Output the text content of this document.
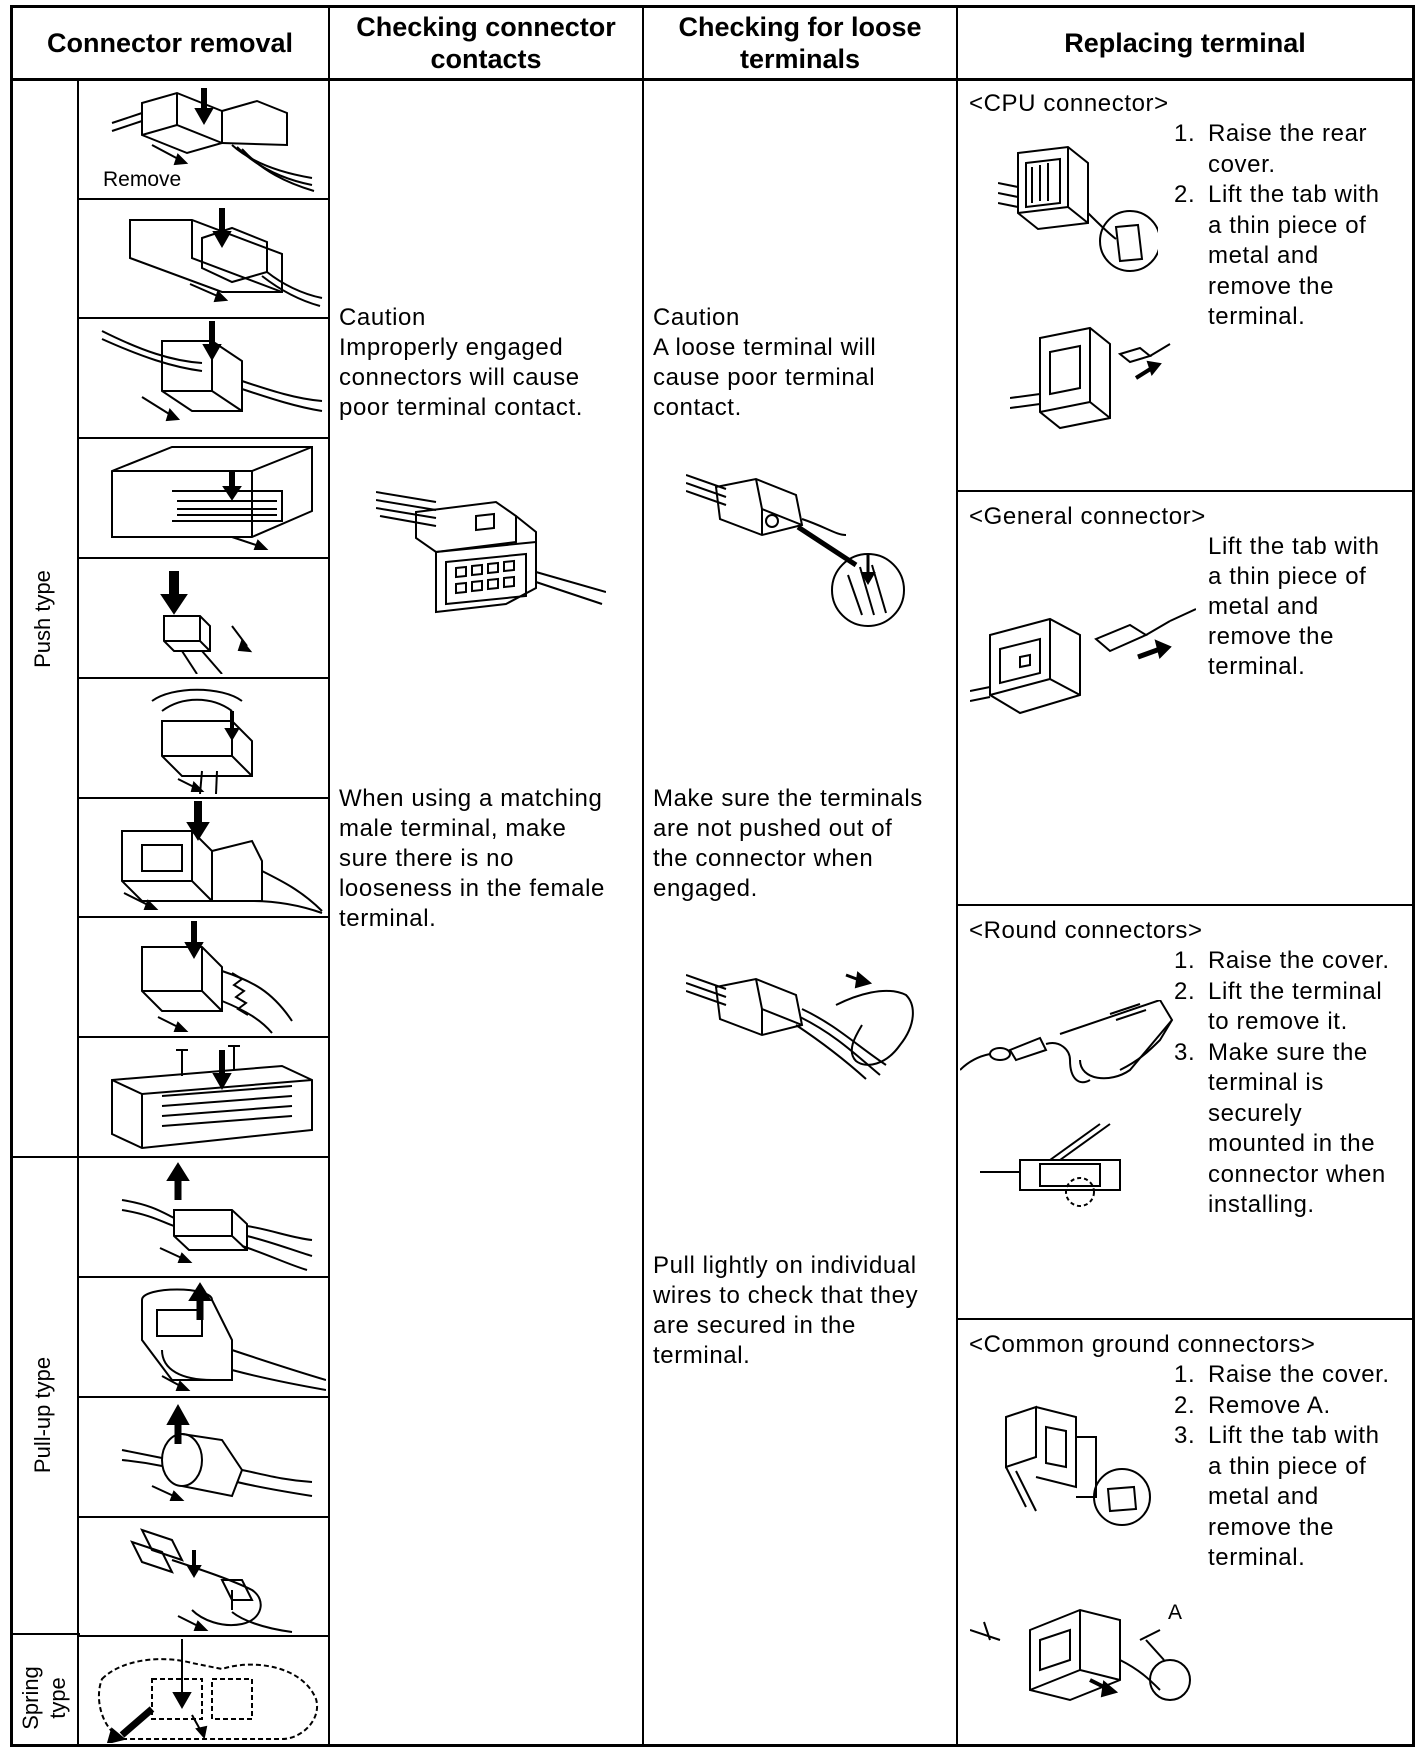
Connector removal
Checking connector
contacts
Checking for loose
terminals
Replacing terminal
Push type
Pull-up type
Spring
type
Remove
Caution
Improperly engaged
connectors will cause
poor terminal contact.
When using a matching
male terminal, make
sure there is no
looseness in the female
terminal.
Caution
A loose terminal will
cause poor terminal
contact.
Make sure the terminals
are not pushed out of
the connector when
engaged.
Pull lightly on individual
wires to check that they
are secured in the
terminal.
<CPU connector>
1. Raise the rear
cover.
2. Lift the tab with
a thin piece of
metal and
remove the
terminal.
<General connector>
Lift the tab with
a thin piece of
metal and
remove the
terminal.
<Round connectors>
1. Raise the cover.
2. Lift the terminal
to remove it.
3. Make sure the
terminal is
securely
mounted in the
connector when
installing.
<Common ground connectors>
1. Raise the cover.
2. Remove A.
3. Lift the tab with
a thin piece of
metal and
remove the
terminal.
A
